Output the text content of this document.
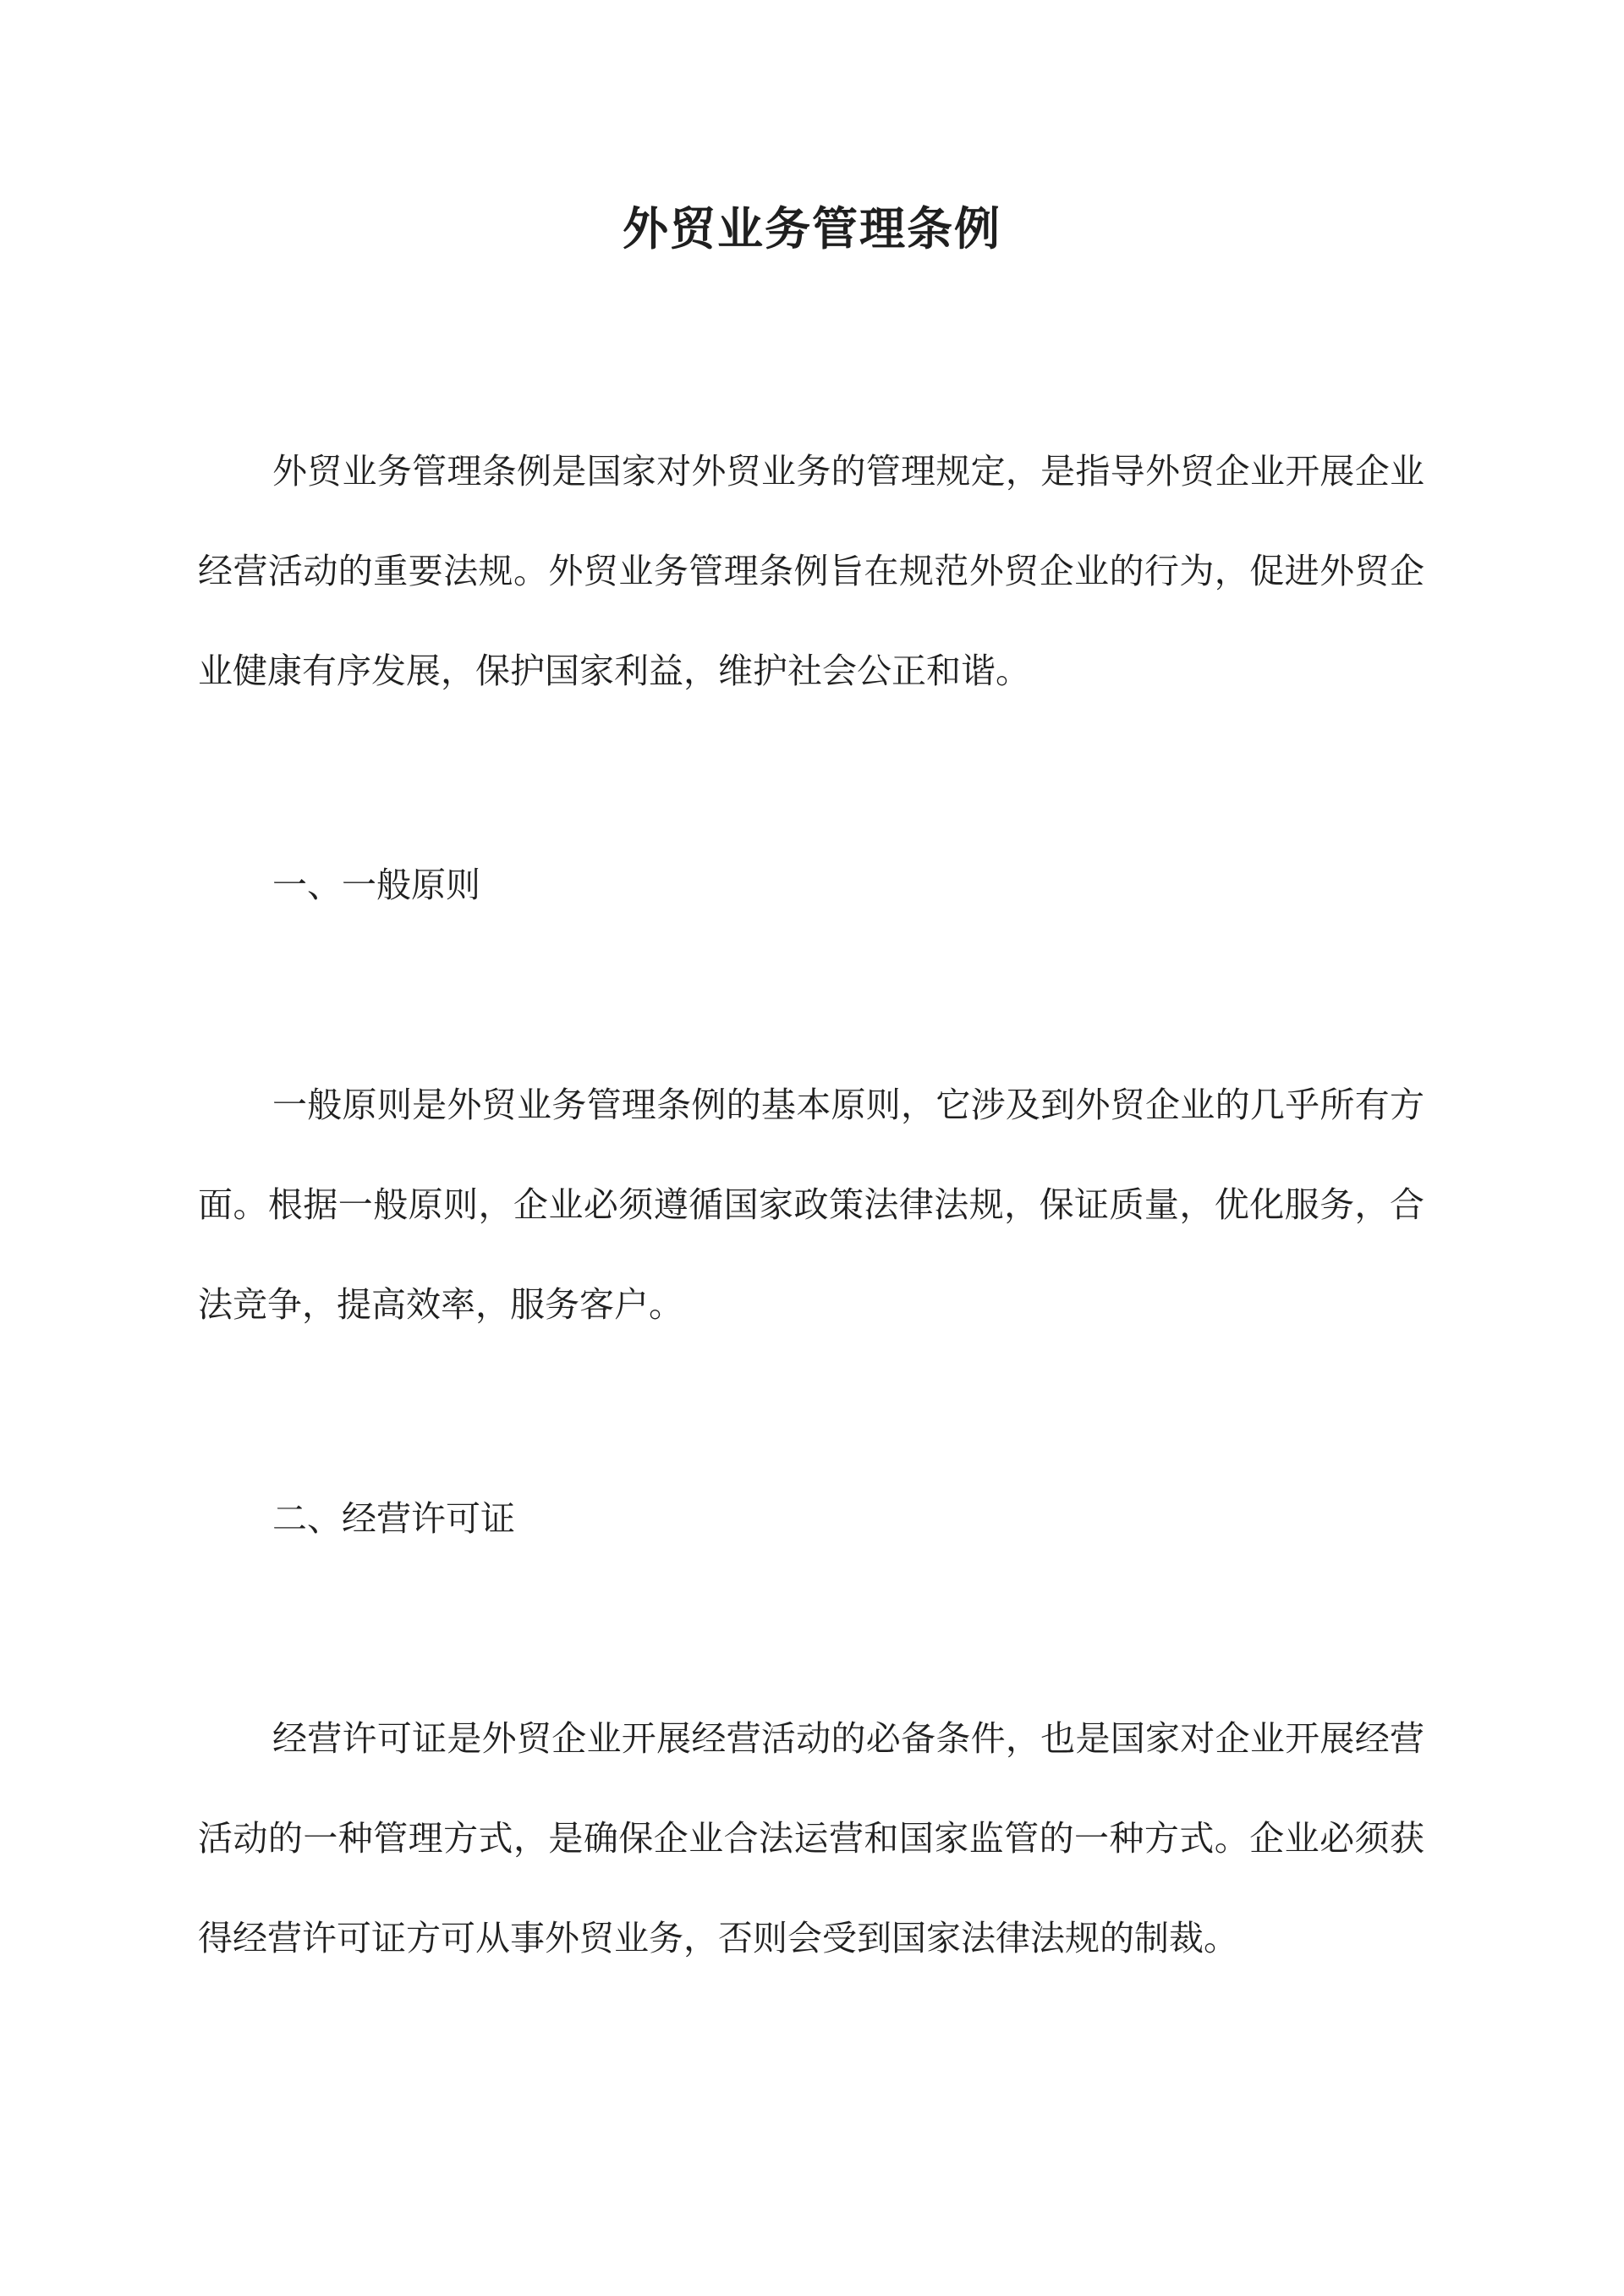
外贸业务管理条例

外贸业务管理条例是国家对外贸业务的管理规定，是指导外贸企业开展企业经营活动的重要法规。外贸业务管理条例旨在规范外贸企业的行为，促进外贸企业健康有序发展，保护国家利益，维护社会公正和谐。

一、一般原则

一般原则是外贸业务管理条例的基本原则，它涉及到外贸企业的几乎所有方面。根据一般原则，企业必须遵循国家政策法律法规，保证质量，优化服务，合法竞争，提高效率，服务客户。

二、经营许可证

经营许可证是外贸企业开展经营活动的必备条件，也是国家对企业开展经营活动的一种管理方式，是确保企业合法运营和国家监管的一种方式。企业必须获得经营许可证方可从事外贸业务，否则会受到国家法律法规的制裁。
